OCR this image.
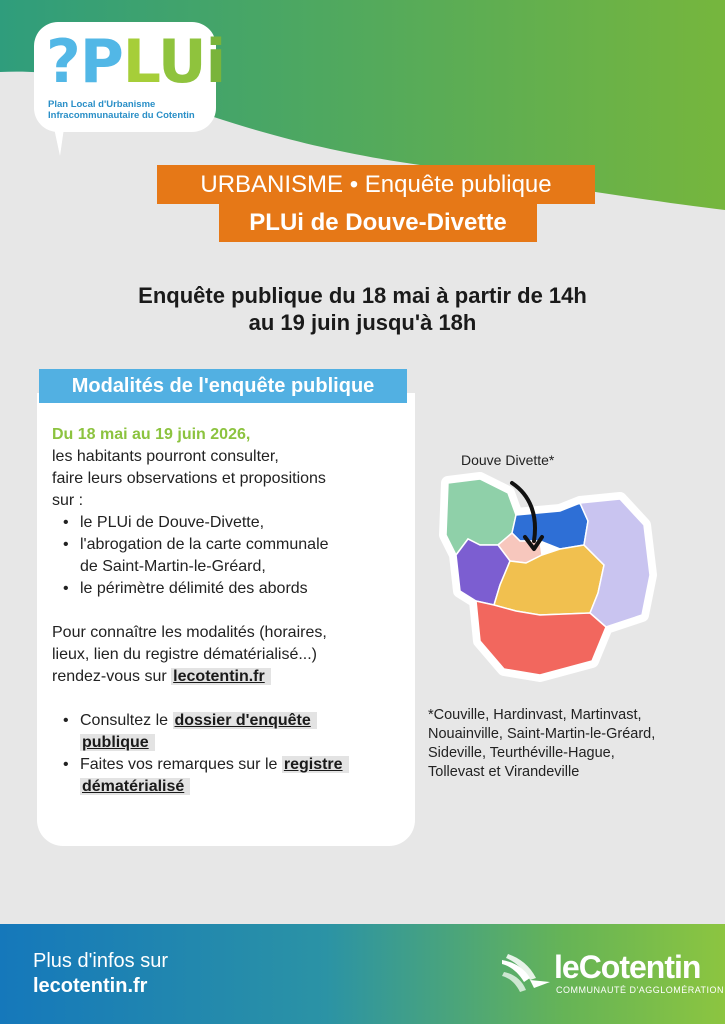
?PLUi
Plan Local d'Urbanisme
Infracommunautaire du Cotentin
URBANISME • Enquête publique
PLUi de Douve-Divette
Enquête publique du 18 mai à partir de 14h
au 19 juin jusqu'à 18h
Modalités de l'enquête publique

Du 18 mai au 19 juin 2026,

les habitants pourront consulter,

faire leurs observations et propositions

sur :

• le PLUi de Douve-Divette,
• l'abrogation de la carte communale
de Saint-Martin-le-Gréard,
• le périmètre délimité des abords

Pour connaître les modalités (horaires,

lieux, lien du registre dématérialisé...)

rendez-vous sur lecotentin.fr

• Consultez le dossier d'enquête
publique
• Faites vos remarques sur le registre
dématérialisé
Douve Divette*
*Couville, Hardinvast, Martinvast,
Nouainville, Saint-Martin-le-Gréard,
Sideville, Teurthéville-Hague,
Tollevast et Virandeville
Plus d'infos sur
lecotentin.fr
leCotentin
COMMUNAUTÉ D'AGGLOMÉRATION
